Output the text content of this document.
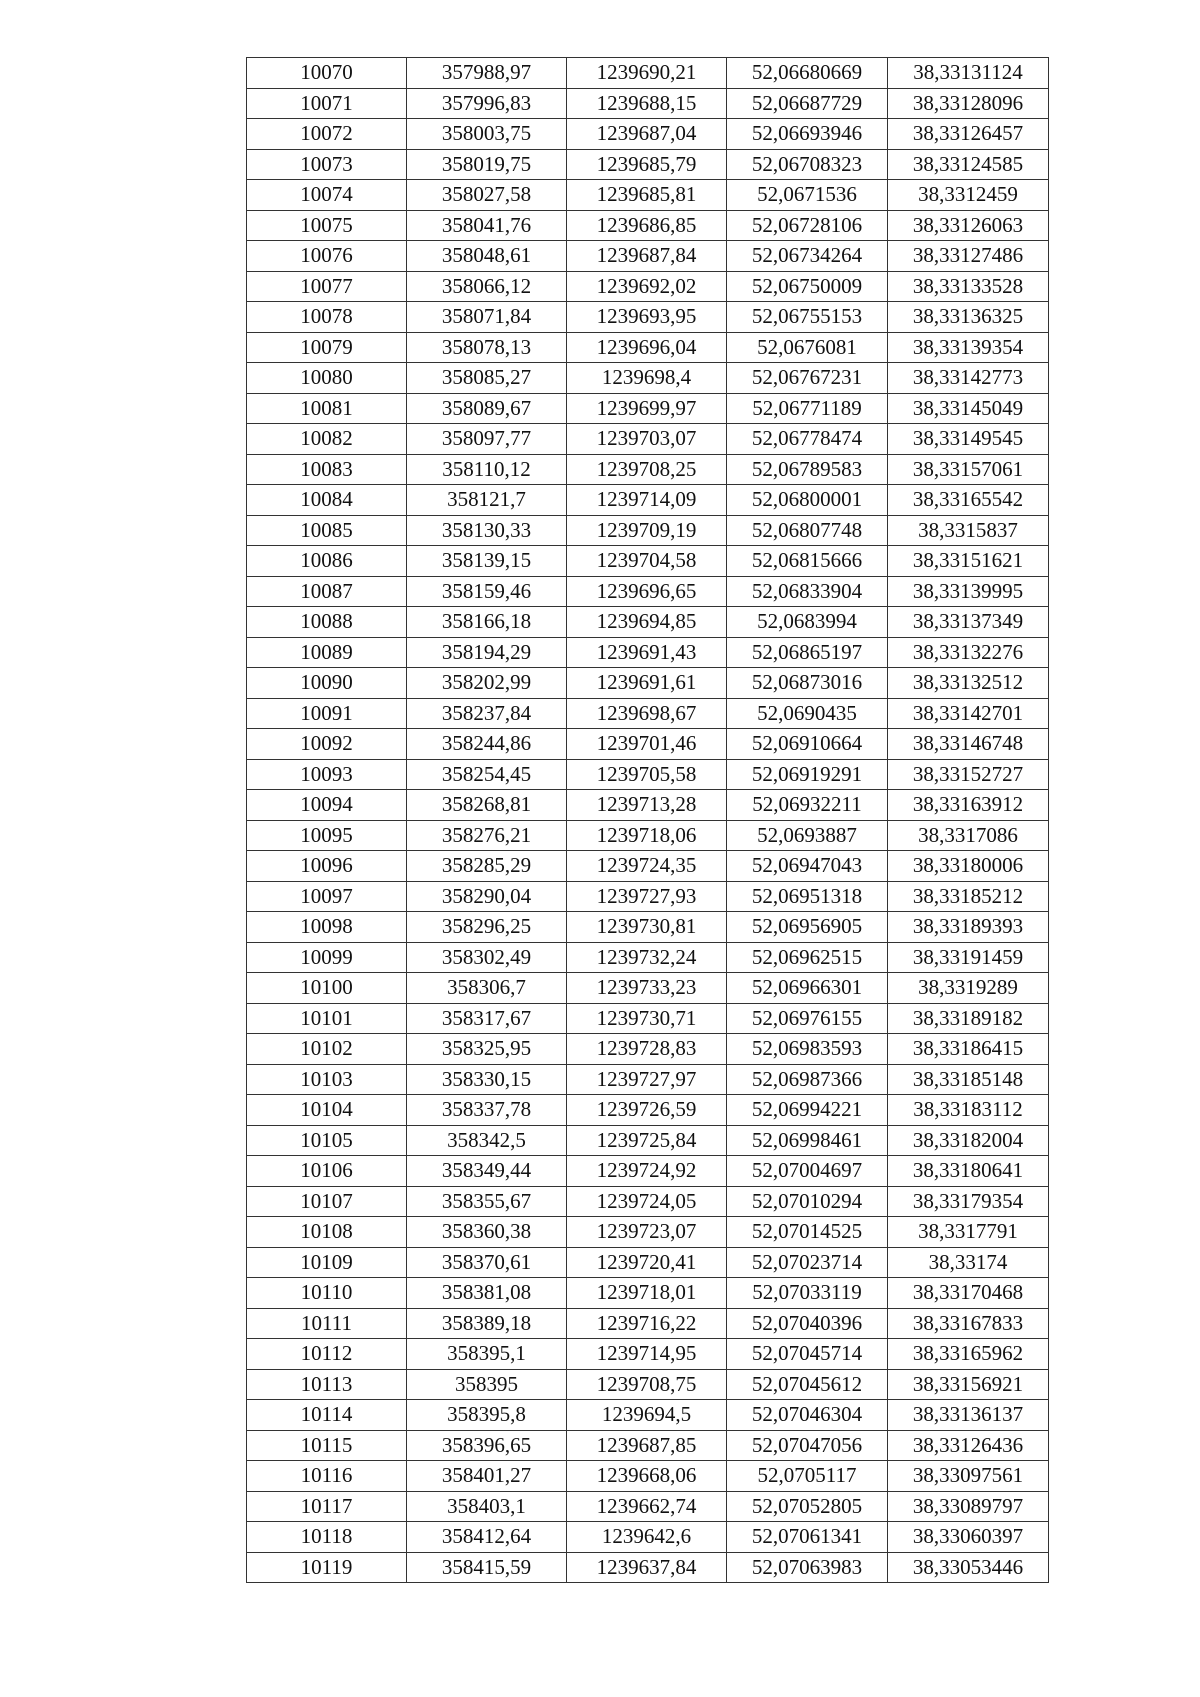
10070	357988,97	1239690,21	52,06680669	38,33131124
10071	357996,83	1239688,15	52,06687729	38,33128096
10072	358003,75	1239687,04	52,06693946	38,33126457
10073	358019,75	1239685,79	52,06708323	38,33124585
10074	358027,58	1239685,81	52,0671536	38,3312459
10075	358041,76	1239686,85	52,06728106	38,33126063
10076	358048,61	1239687,84	52,06734264	38,33127486
10077	358066,12	1239692,02	52,06750009	38,33133528
10078	358071,84	1239693,95	52,06755153	38,33136325
10079	358078,13	1239696,04	52,0676081	38,33139354
10080	358085,27	1239698,4	52,06767231	38,33142773
10081	358089,67	1239699,97	52,06771189	38,33145049
10082	358097,77	1239703,07	52,06778474	38,33149545
10083	358110,12	1239708,25	52,06789583	38,33157061
10084	358121,7	1239714,09	52,06800001	38,33165542
10085	358130,33	1239709,19	52,06807748	38,3315837
10086	358139,15	1239704,58	52,06815666	38,33151621
10087	358159,46	1239696,65	52,06833904	38,33139995
10088	358166,18	1239694,85	52,0683994	38,33137349
10089	358194,29	1239691,43	52,06865197	38,33132276
10090	358202,99	1239691,61	52,06873016	38,33132512
10091	358237,84	1239698,67	52,0690435	38,33142701
10092	358244,86	1239701,46	52,06910664	38,33146748
10093	358254,45	1239705,58	52,06919291	38,33152727
10094	358268,81	1239713,28	52,06932211	38,33163912
10095	358276,21	1239718,06	52,0693887	38,3317086
10096	358285,29	1239724,35	52,06947043	38,33180006
10097	358290,04	1239727,93	52,06951318	38,33185212
10098	358296,25	1239730,81	52,06956905	38,33189393
10099	358302,49	1239732,24	52,06962515	38,33191459
10100	358306,7	1239733,23	52,06966301	38,3319289
10101	358317,67	1239730,71	52,06976155	38,33189182
10102	358325,95	1239728,83	52,06983593	38,33186415
10103	358330,15	1239727,97	52,06987366	38,33185148
10104	358337,78	1239726,59	52,06994221	38,33183112
10105	358342,5	1239725,84	52,06998461	38,33182004
10106	358349,44	1239724,92	52,07004697	38,33180641
10107	358355,67	1239724,05	52,07010294	38,33179354
10108	358360,38	1239723,07	52,07014525	38,3317791
10109	358370,61	1239720,41	52,07023714	38,33174
10110	358381,08	1239718,01	52,07033119	38,33170468
10111	358389,18	1239716,22	52,07040396	38,33167833
10112	358395,1	1239714,95	52,07045714	38,33165962
10113	358395	1239708,75	52,07045612	38,33156921
10114	358395,8	1239694,5	52,07046304	38,33136137
10115	358396,65	1239687,85	52,07047056	38,33126436
10116	358401,27	1239668,06	52,0705117	38,33097561
10117	358403,1	1239662,74	52,07052805	38,33089797
10118	358412,64	1239642,6	52,07061341	38,33060397
10119	358415,59	1239637,84	52,07063983	38,33053446
